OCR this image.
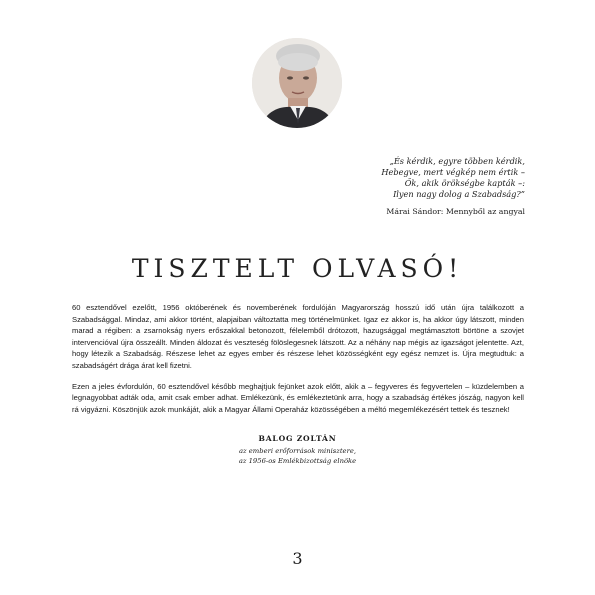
„És kérdik, egyre többen kérdik,
Hebegve, mert végkép nem értik –
Ők, akik örökségbe kapták –:
Ilyen nagy dolog a Szabadság?”
Márai Sándor: Mennyből az angyal
TISZTELT OLVASÓ!

60 esztendővel ezelőtt, 1956 októberének és novemberének fordulóján Magyarország hosszú idő után újra találkozott a Szabadsággal. Mindaz, ami akkor történt, alapjaiban változtatta meg történelmünket. Igaz ez akkor is, ha akkor úgy látszott, minden marad a régiben: a zsarnokság nyers erőszakkal betonozott, félelemből drótozott, hazugsággal megtámasztott börtöne a szovjet intervencióval újra összeállt. Minden áldozat és veszteség fölöslegesnek látszott. Az a néhány nap mégis az igazságot jelentette. Azt, hogy létezik a Szabadság. Részese lehet az egyes ember és részese lehet közösségként egy egész nemzet is. Újra megtudtuk: a szabadságért drága árat kell fizetni.

Ezen a jeles évfordulón, 60 esztendővel később meghajtjuk fejünket azok előtt, akik a – fegyveres és fegyvertelen – küzdelemben a legnagyobbat adták oda, amit csak ember adhat. Emlékezünk, és emlékeztetünk arra, hogy a szabadság értékes jószág, nagyon kell rá vigyázni. Köszönjük azok munkáját, akik a Magyar Állami Operaház közösségében a méltó megemlékezésért tettek és tesznek!

BALOG ZOLTÁN
az emberi erőforrások minisztere,
az 1956-os Emlékbizottság elnöke
3
